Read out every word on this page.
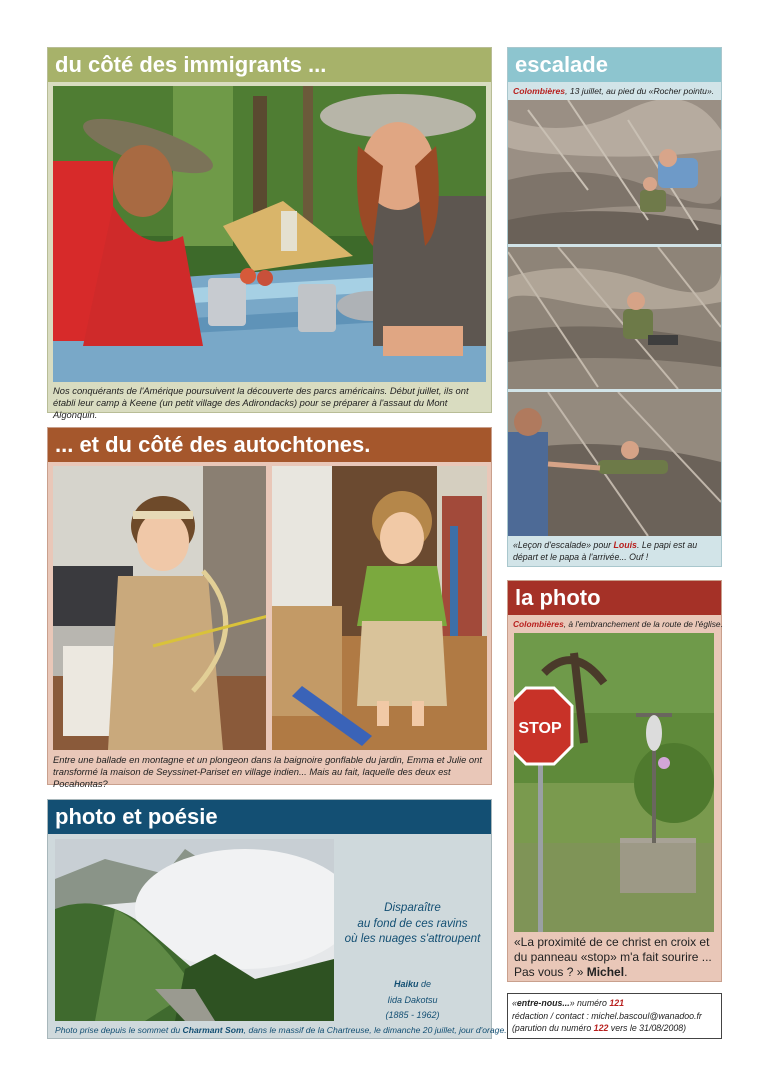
du côté des immigrants ...
Nos conquérants de l'Amérique poursuivent la découverte des parcs américains. Début juillet, ils ont établi leur camp à Keene (un petit village des Adirondacks) pour se préparer à l'assaut du Mont Algonquin.
escalade
Colombières, 13 juillet, au pied du «Rocher pointu».
«Leçon d'escalade» pour Louis. Le papi est au départ et le papa à l'arrivée... Ouf !
... et du côté des autochtones.
Entre une ballade en montagne et un plongeon dans la baignoire gonflable du jardin, Emma et Julie ont transformé la maison de Seyssinet-Pariset en village indien... Mais au fait, laquelle des deux est Pocahontas?
la photo
Colombières, à l'embranchement de la route de l'église.
STOP
«La proximité de ce christ en croix et du panneau «stop» m'a fait sourire ... Pas vous ? » Michel.
photo et poésie
Disparaître
au fond de ces ravins
où les nuages s'attroupent
Haiku de
Iida Dakotsu
(1885 - 1962)
Photo prise depuis le sommet du Charmant Som, dans le massif de la Chartreuse, le dimanche 20 juillet, jour d'orage.
«entre-nous...» numéro 121
rédaction / contact : michel.bascoul@wanadoo.fr
(parution du numéro 122 vers le 31/08/2008)
